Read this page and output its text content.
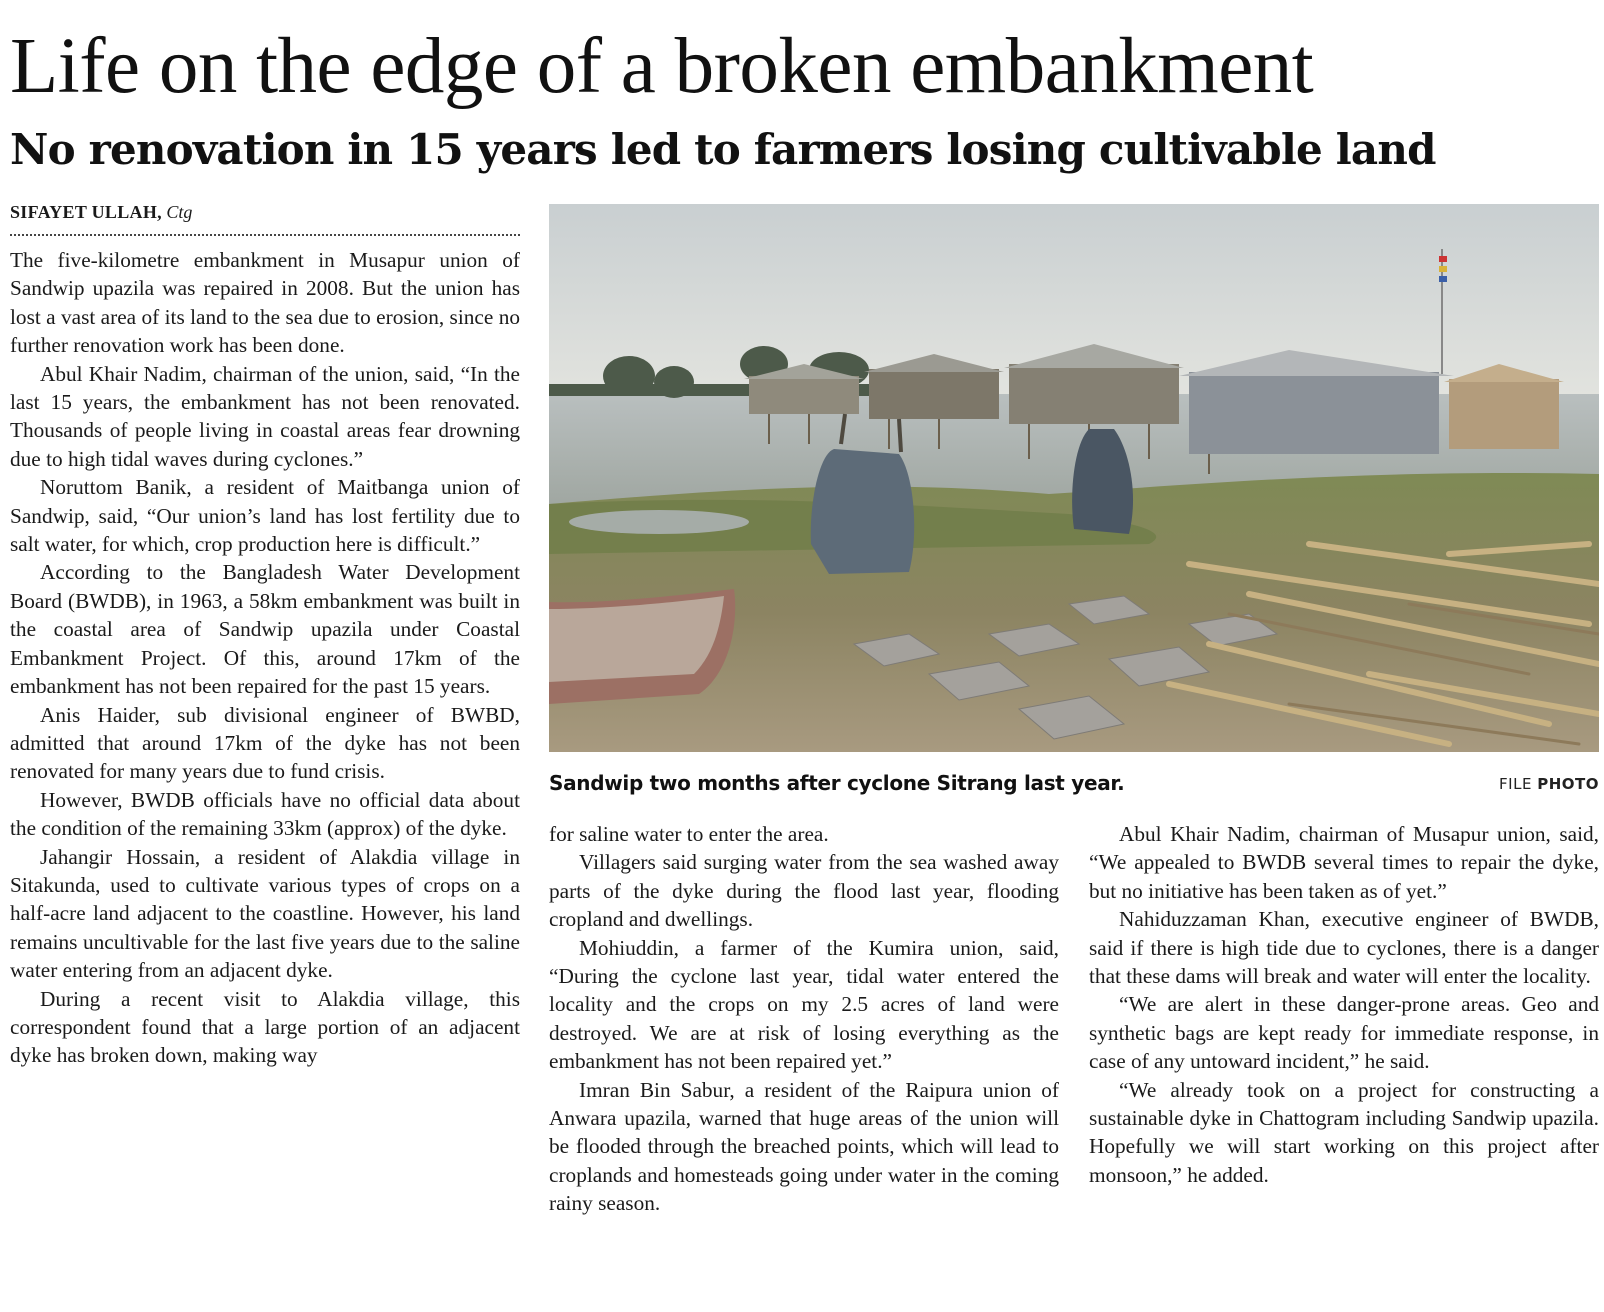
Life on the edge of a broken embankment
No renovation in 15 years led to farmers losing cultivable land
SIFAYET ULLAH, Ctg

The five-kilometre embankment in Musapur union of Sandwip upazila was repaired in 2008. But the union has lost a vast area of its land to the sea due to erosion, since no further renovation work has been done.

Abul Khair Nadim, chairman of the union, said, “In the last 15 years, the embankment has not been renovated. Thousands of people living in coastal areas fear drowning due to high tidal waves during cyclones.”

Noruttom Banik, a resident of Maitbanga union of Sandwip, said, “Our union’s land has lost fertility due to salt water, for which, crop production here is difficult.”

According to the Bangladesh Water Development Board (BWDB), in 1963, a 58km embankment was built in the coastal area of Sandwip upazila under Coastal Embankment Project. Of this, around 17km of the embankment has not been repaired for the past 15 years.

Anis Haider, sub divisional engineer of BWBD, admitted that around 17km of the dyke has not been renovated for many years due to fund crisis.

However, BWDB officials have no official data about the condition of the remaining 33km (approx) of the dyke.

Jahangir Hossain, a resident of Alakdia village in Sitakunda, used to cultivate various types of crops on a half-acre land adjacent to the coastline. However, his land remains uncultivable for the last five years due to the saline water entering from an adjacent dyke.

During a recent visit to Alakdia village, this correspondent found that a large portion of an adjacent dyke has broken down, making way

Sandwip two months after cyclone Sitrang last year.	FILE PHOTO

for saline water to enter the area.

Villagers said surging water from the sea washed away parts of the dyke during the flood last year, flooding cropland and dwellings.

Mohiuddin, a farmer of the Kumira union, said, “During the cyclone last year, tidal water entered the locality and the crops on my 2.5 acres of land were destroyed. We are at risk of losing everything as the embankment has not been repaired yet.”

Imran Bin Sabur, a resident of the Raipura union of Anwara upazila, warned that huge areas of the union will be flooded through the breached points, which will lead to croplands and homesteads going under water in the coming rainy season.

Abul Khair Nadim, chairman of Musapur union, said, “We appealed to BWDB several times to repair the dyke, but no initiative has been taken as of yet.”

Nahiduzzaman Khan, executive engineer of BWDB, said if there is high tide due to cyclones, there is a danger that these dams will break and water will enter the locality.

“We are alert in these danger-prone areas. Geo and synthetic bags are kept ready for immediate response, in case of any untoward incident,” he said.

“We already took on a project for constructing a sustainable dyke in Chattogram including Sandwip upazila. Hopefully we will start working on this project after monsoon,” he added.
